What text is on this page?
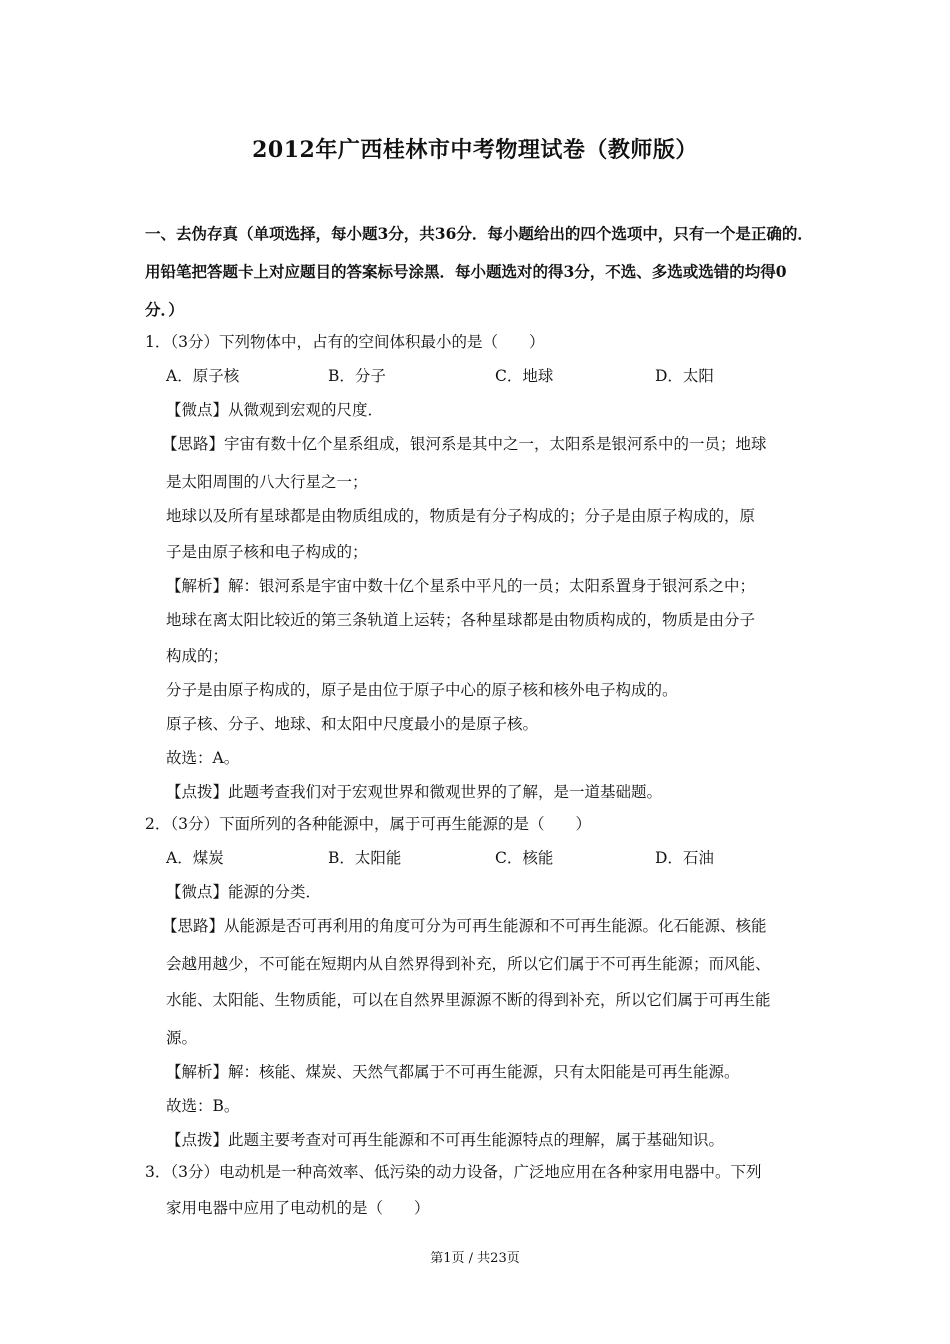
2012年广西桂林市中考物理试卷（教师版）
一、去伪存真（单项选择，每小题3分，共36分．每小题给出的四个选项中，只有一个是正确的．用铅笔把答题卡上对应题目的答案标号涂黑．每小题选对的得3分，不选、多选或选错的均得0分．）
1．（3分）下列物体中，占有的空间体积最小的是（　　）
A．原子核	B．分子	C．地球	D．太阳
【微点】从微观到宏观的尺度．
【思路】宇宙有数十亿个星系组成，银河系是其中之一，太阳系是银河系中的一员；地球
是太阳周围的八大行星之一；
地球以及所有星球都是由物质组成的，物质是有分子构成的；分子是由原子构成的，原
子是由原子核和电子构成的；
【解析】解：银河系是宇宙中数十亿个星系中平凡的一员；太阳系置身于银河系之中；
地球在离太阳比较近的第三条轨道上运转；各种星球都是由物质构成的，物质是由分子
构成的；
分子是由原子构成的，原子是由位于原子中心的原子核和核外电子构成的。
原子核、分子、地球、和太阳中尺度最小的是原子核。
故选：A。
【点拨】此题考查我们对于宏观世界和微观世界的了解，是一道基础题。
2．（3分）下面所列的各种能源中，属于可再生能源的是（　　）
A．煤炭	B．太阳能	C．核能	D．石油
【微点】能源的分类．
【思路】从能源是否可再利用的角度可分为可再生能源和不可再生能源。化石能源、核能
会越用越少，不可能在短期内从自然界得到补充，所以它们属于不可再生能源；而风能、
水能、太阳能、生物质能，可以在自然界里源源不断的得到补充，所以它们属于可再生能
源。
【解析】解：核能、煤炭、天然气都属于不可再生能源，只有太阳能是可再生能源。
故选：B。
【点拨】此题主要考查对可再生能源和不可再生能源特点的理解，属于基础知识。
3．（3分）电动机是一种高效率、低污染的动力设备，广泛地应用在各种家用电器中。下列
家用电器中应用了电动机的是（　　）
第1页 / 共23页
